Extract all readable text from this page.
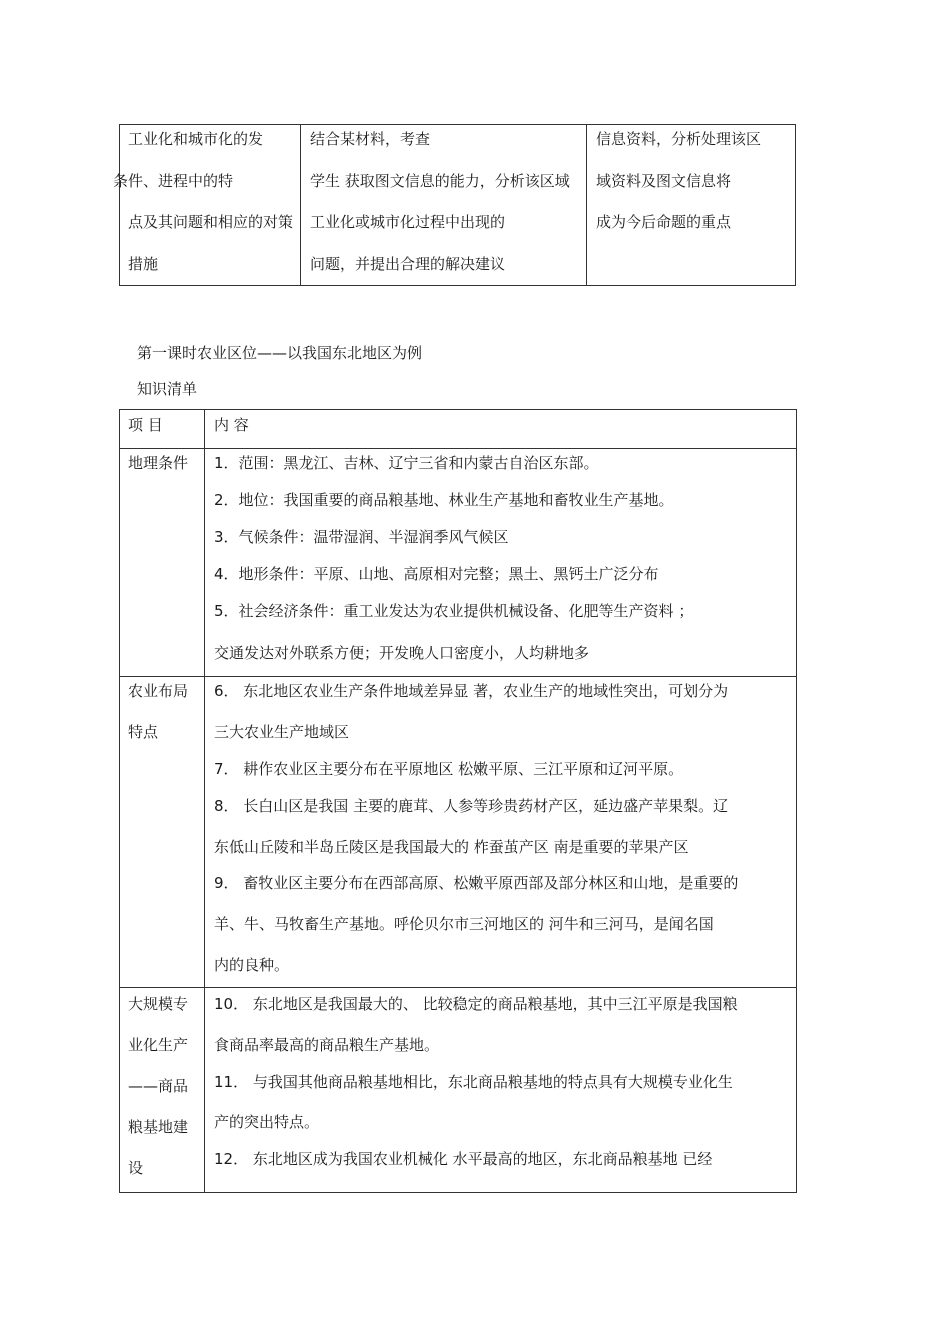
工业化和城市化的发
条件、进程中的特
点及其问题和相应的对策
措施
结合某材料，考查
学生 获取图文信息的能力，分析该区域
工业化或城市化过程中出现的
问题，并提出合理的解决建议
信息资料，分析处理该区
域资料及图文信息将
成为今后命题的重点
第一课时农业区位——以我国东北地区为例
知识清单
项 目	内 容
地理条件 1．范围：黑龙江、吉林、辽宁三省和内蒙古自治区东部。
2．地位：我国重要的商品粮基地、林业生产基地和畜牧业生产基地。
3．气候条件：温带湿润、半湿润季风气候区
4．地形条件：平原、山地、高原相对完整；黑土、黑钙土广泛分布
5．社会经济条件：重工业发达为农业提供机械设备、化肥等生产资料 ；
交通发达对外联系方便；开发晚人口密度小，人均耕地多
农业布局
特点
6． 东北地区农业生产条件地域差异显 著，农业生产的地域性突出，可划分为
三大农业生产地域区
7． 耕作农业区主要分布在平原地区 松嫩平原、三江平原和辽河平原。
8． 长白山区是我国 主要的鹿茸、人参等珍贵药材产区，延边盛产苹果梨。辽
东低山丘陵和半岛丘陵区是我国最大的 柞蚕茧产区 南是重要的苹果产区
9． 畜牧业区主要分布在西部高原、松嫩平原西部及部分林区和山地，是重要的
羊、牛、马牧畜生产基地。呼伦贝尔市三河地区的 河牛和三河马，是闻名国
内的良种。
大规模专
业化生产
——商品
粮基地建
设
10． 东北地区是我国最大的、 比较稳定的商品粮基地，其中三江平原是我国粮
食商品率最高的商品粮生产基地。
11． 与我国其他商品粮基地相比，东北商品粮基地的特点具有大规模专业化生
产的突出特点。
12． 东北地区成为我国农业机械化 水平最高的地区，东北商品粮基地 已经
